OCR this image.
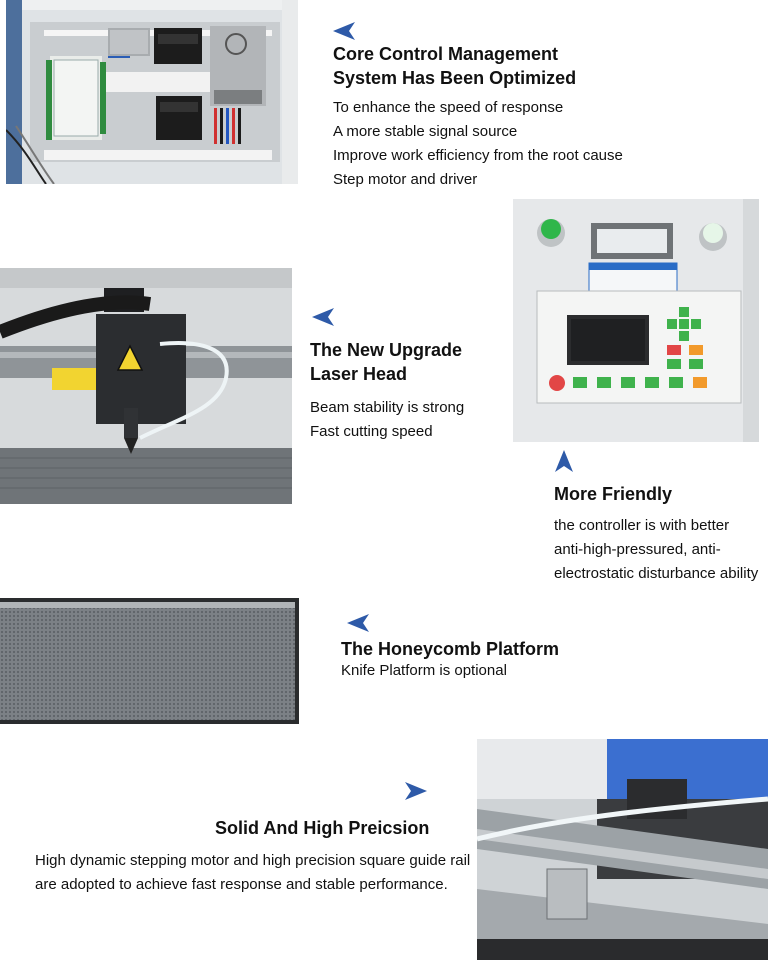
Core Control Management
System Has Been Optimized
To enhance the speed of response
A more stable signal source
Improve work efficiency from the root cause
Step motor and driver
The New Upgrade
Laser Head
Beam stability is strong
Fast cutting speed
More Friendly
the controller is with better
anti-high-pressured, anti-
electrostatic disturbance ability
The Honeycomb Platform
Knife Platform is optional
Solid And High Preicsion
High dynamic stepping motor and high precision square guide rail
are adopted to achieve fast response and stable performance.
